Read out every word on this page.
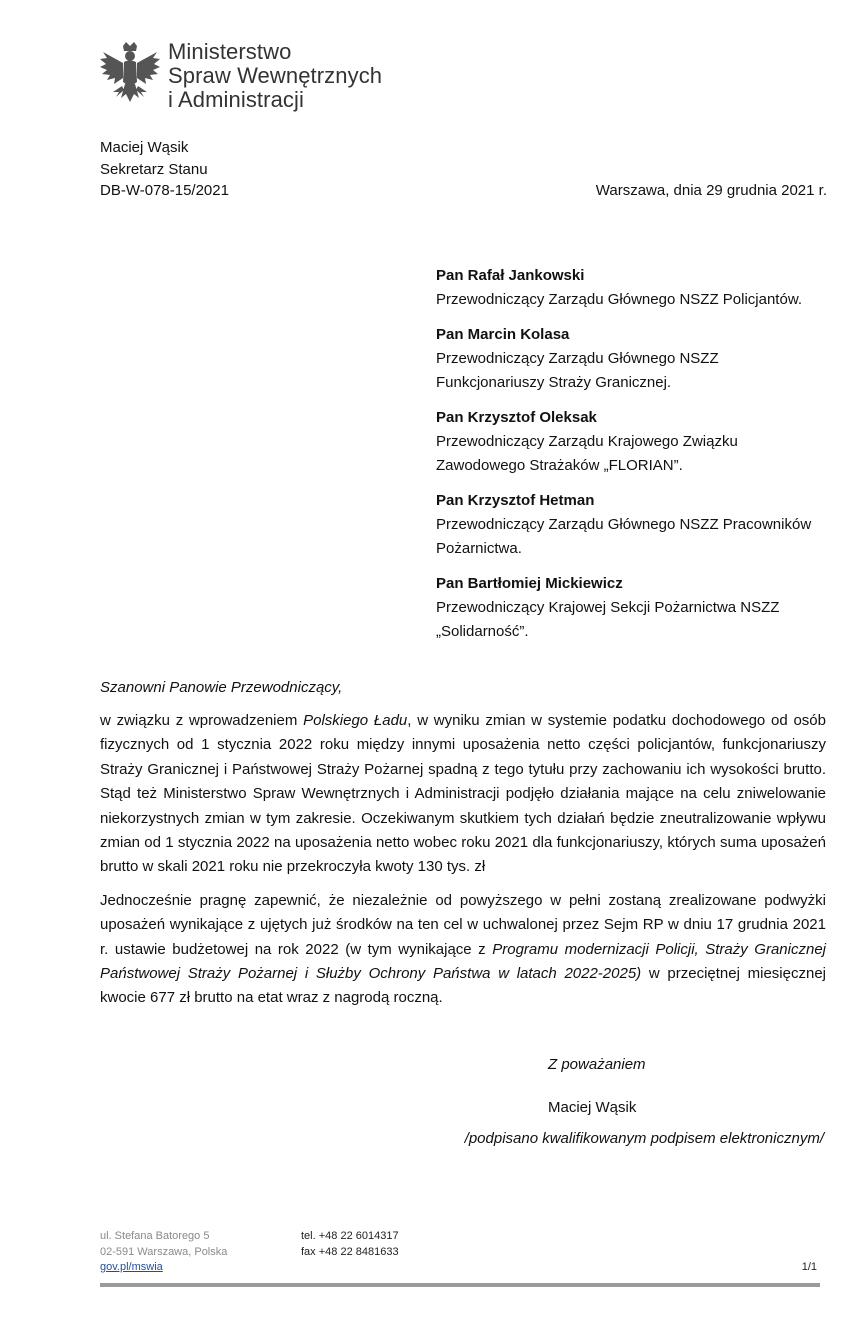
Ministerstwo
Spraw Wewnętrznych
i Administracji
Maciej Wąsik
Sekretarz Stanu
DB-W-078-15/2021	Warszawa, dnia 29 grudnia 2021 r.
Pan Rafał Jankowski
Przewodniczący Zarządu Głównego NSZZ Policjantów.
Pan Marcin Kolasa
Przewodniczący Zarządu Głównego NSZZ
Funkcjonariuszy Straży Granicznej.
Pan Krzysztof Oleksak
Przewodniczący Zarządu Krajowego Związku
Zawodowego Strażaków „FLORIAN”.
Pan Krzysztof Hetman
Przewodniczący Zarządu Głównego NSZZ Pracowników
Pożarnictwa.
Pan Bartłomiej Mickiewicz
Przewodniczący Krajowej Sekcji Pożarnictwa NSZZ
„Solidarność”.
Szanowni Panowie Przewodniczący,

w związku z wprowadzeniem Polskiego Ładu, w wyniku zmian w systemie podatku dochodowego od osób fizycznych od 1 stycznia 2022 roku między innymi uposażenia netto części policjantów, funkcjonariuszy Straży Granicznej i Państwowej Straży Pożarnej spadną z tego tytułu przy zachowaniu ich wysokości brutto. Stąd też Ministerstwo Spraw Wewnętrznych i Administracji podjęło działania mające na celu zniwelowanie niekorzystnych zmian w tym zakresie. Oczekiwanym skutkiem tych działań będzie zneutralizowanie wpływu zmian od 1 stycznia 2022 na uposażenia netto wobec roku 2021 dla funkcjonariuszy, których suma uposażeń brutto w skali 2021 roku nie przekroczyła kwoty 130 tys. zł

Jednocześnie pragnę zapewnić, że niezależnie od powyższego w pełni zostaną zrealizowane podwyżki uposażeń wynikające z ujętych już środków na ten cel w uchwalonej przez Sejm RP w dniu 17 grudnia 2021 r. ustawie budżetowej na rok 2022 (w tym wynikające z Programu modernizacji Policji, Straży Granicznej Państwowej Straży Pożarnej i Służby Ochrony Państwa w latach 2022-2025) w przeciętnej miesięcznej kwocie 677 zł brutto na etat wraz z nagrodą roczną.

Z poważaniem
Maciej Wąsik
/podpisano kwalifikowanym podpisem elektronicznym/
ul. Stefana Batorego 5
02-591 Warszawa, Polska
gov.pl/mswia
tel. +48 22 6014317
fax +48 22 8481633
1/1
